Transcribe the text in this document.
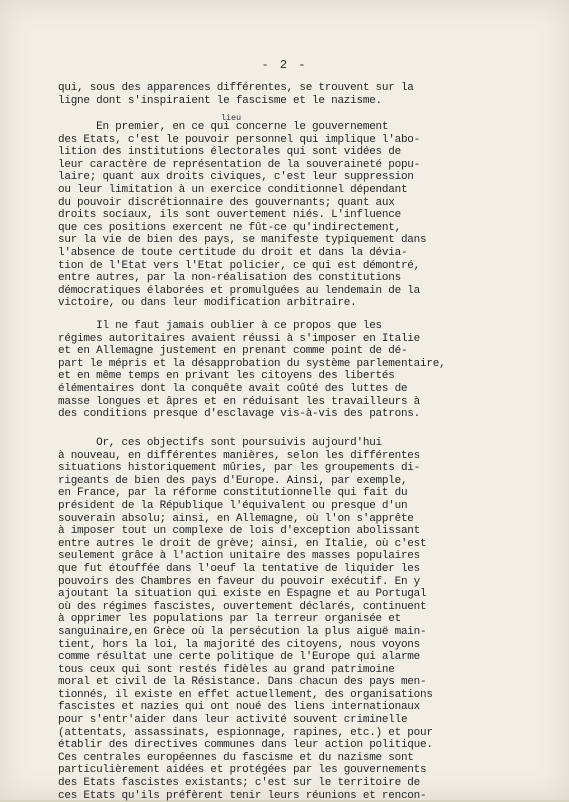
- 2 -
qui, sous des apparences différentes, se trouvent sur la
ligne dont s'inspiraient le fascisme et le nazisme.
lieu
En premier, en ce qui concerne le gouvernement
des Etats, c'est le pouvoir personnel qui implique l'abo-
lition des institutions électorales qui sont vidées de
leur caractère de représentation de la souveraineté popu-
laire; quant aux droits civiques, c'est leur suppression
ou leur limitation à un exercice conditionnel dépendant
du pouvoir discrétionnaire des gouvernants; quant aux
droits sociaux, ils sont ouvertement niés. L'influence
que ces positions exercent ne fût-ce qu'indirectement,
sur la vie de bien des pays, se manifeste typiquement dans
l'absence de toute certitude du droit et dans la dévia-
tion de l'Etat vers l'Etat policier, ce qui est démontré,
entre autres, par la non-réalisation des constitutions
démocratiques élaborées et promulguées au lendemain de la
victoire, ou dans leur modification arbitraire.
Il ne faut jamais oublier à ce propos que les
régimes autoritaires avaient réussi à s'imposer en Italie
et en Allemagne justement en prenant comme point de dé-
part le mépris et la désapprobation du système parlementaire,
et en même temps en privant les citoyens des libertés
élémentaires dont la conquête avait coûté des luttes de
masse longues et âpres et en réduisant les travailleurs à
des conditions presque d'esclavage vis-à-vis des patrons.
Or, ces objectifs sont poursuivis aujourd'hui
à nouveau, en différentes manières, selon les différentes
situations historiquement mûries, par les groupements di-
rigeants de bien des pays d'Europe. Ainsi, par exemple,
en France, par la réforme constitutionnelle qui fait du
président de la République l'équivalent ou presque d'un
souverain absolu; ainsi, en Allemagne, où l'on s'apprête
à imposer tout un complexe de lois d'exception abolissant
entre autres le droit de grève; ainsi, en Italie, où c'est
seulement grâce à l'action unitaire des masses populaires
que fut étouffée dans l'oeuf la tentative de liquider les
pouvoirs des Chambres en faveur du pouvoir exécutif. En y
ajoutant la situation qui existe en Espagne et au Portugal
où des régimes fascistes, ouvertement déclarés, continuent
à opprimer les populations par la terreur organisée et
sanguinaire,en Grèce où la persécution la plus aiguë main-
tient, hors la loi, la majorité des citoyens, nous voyons
comme résultat une certe politique de l'Europe qui alarme
tous ceux qui sont restés fidèles au grand patrimoine
moral et civil de la Résistance. Dans chacun des pays men-
tionnés, il existe en effet actuellement, des organisations
fascistes et nazies qui ont noué des liens internationaux
pour s'entr'aider dans leur activité souvent criminelle
(attentats, assassinats, espionnage, rapines, etc.) et pour
établir des directives communes dans leur action politique.
Ces centrales européennes du fascisme et du nazisme sont
particulièrement aidées et protégées par les gouvernements
des Etats fascistes existants; c'est sur le territoire de
ces Etats qu'ils préfèrent tenir leurs réunions et rencon-
